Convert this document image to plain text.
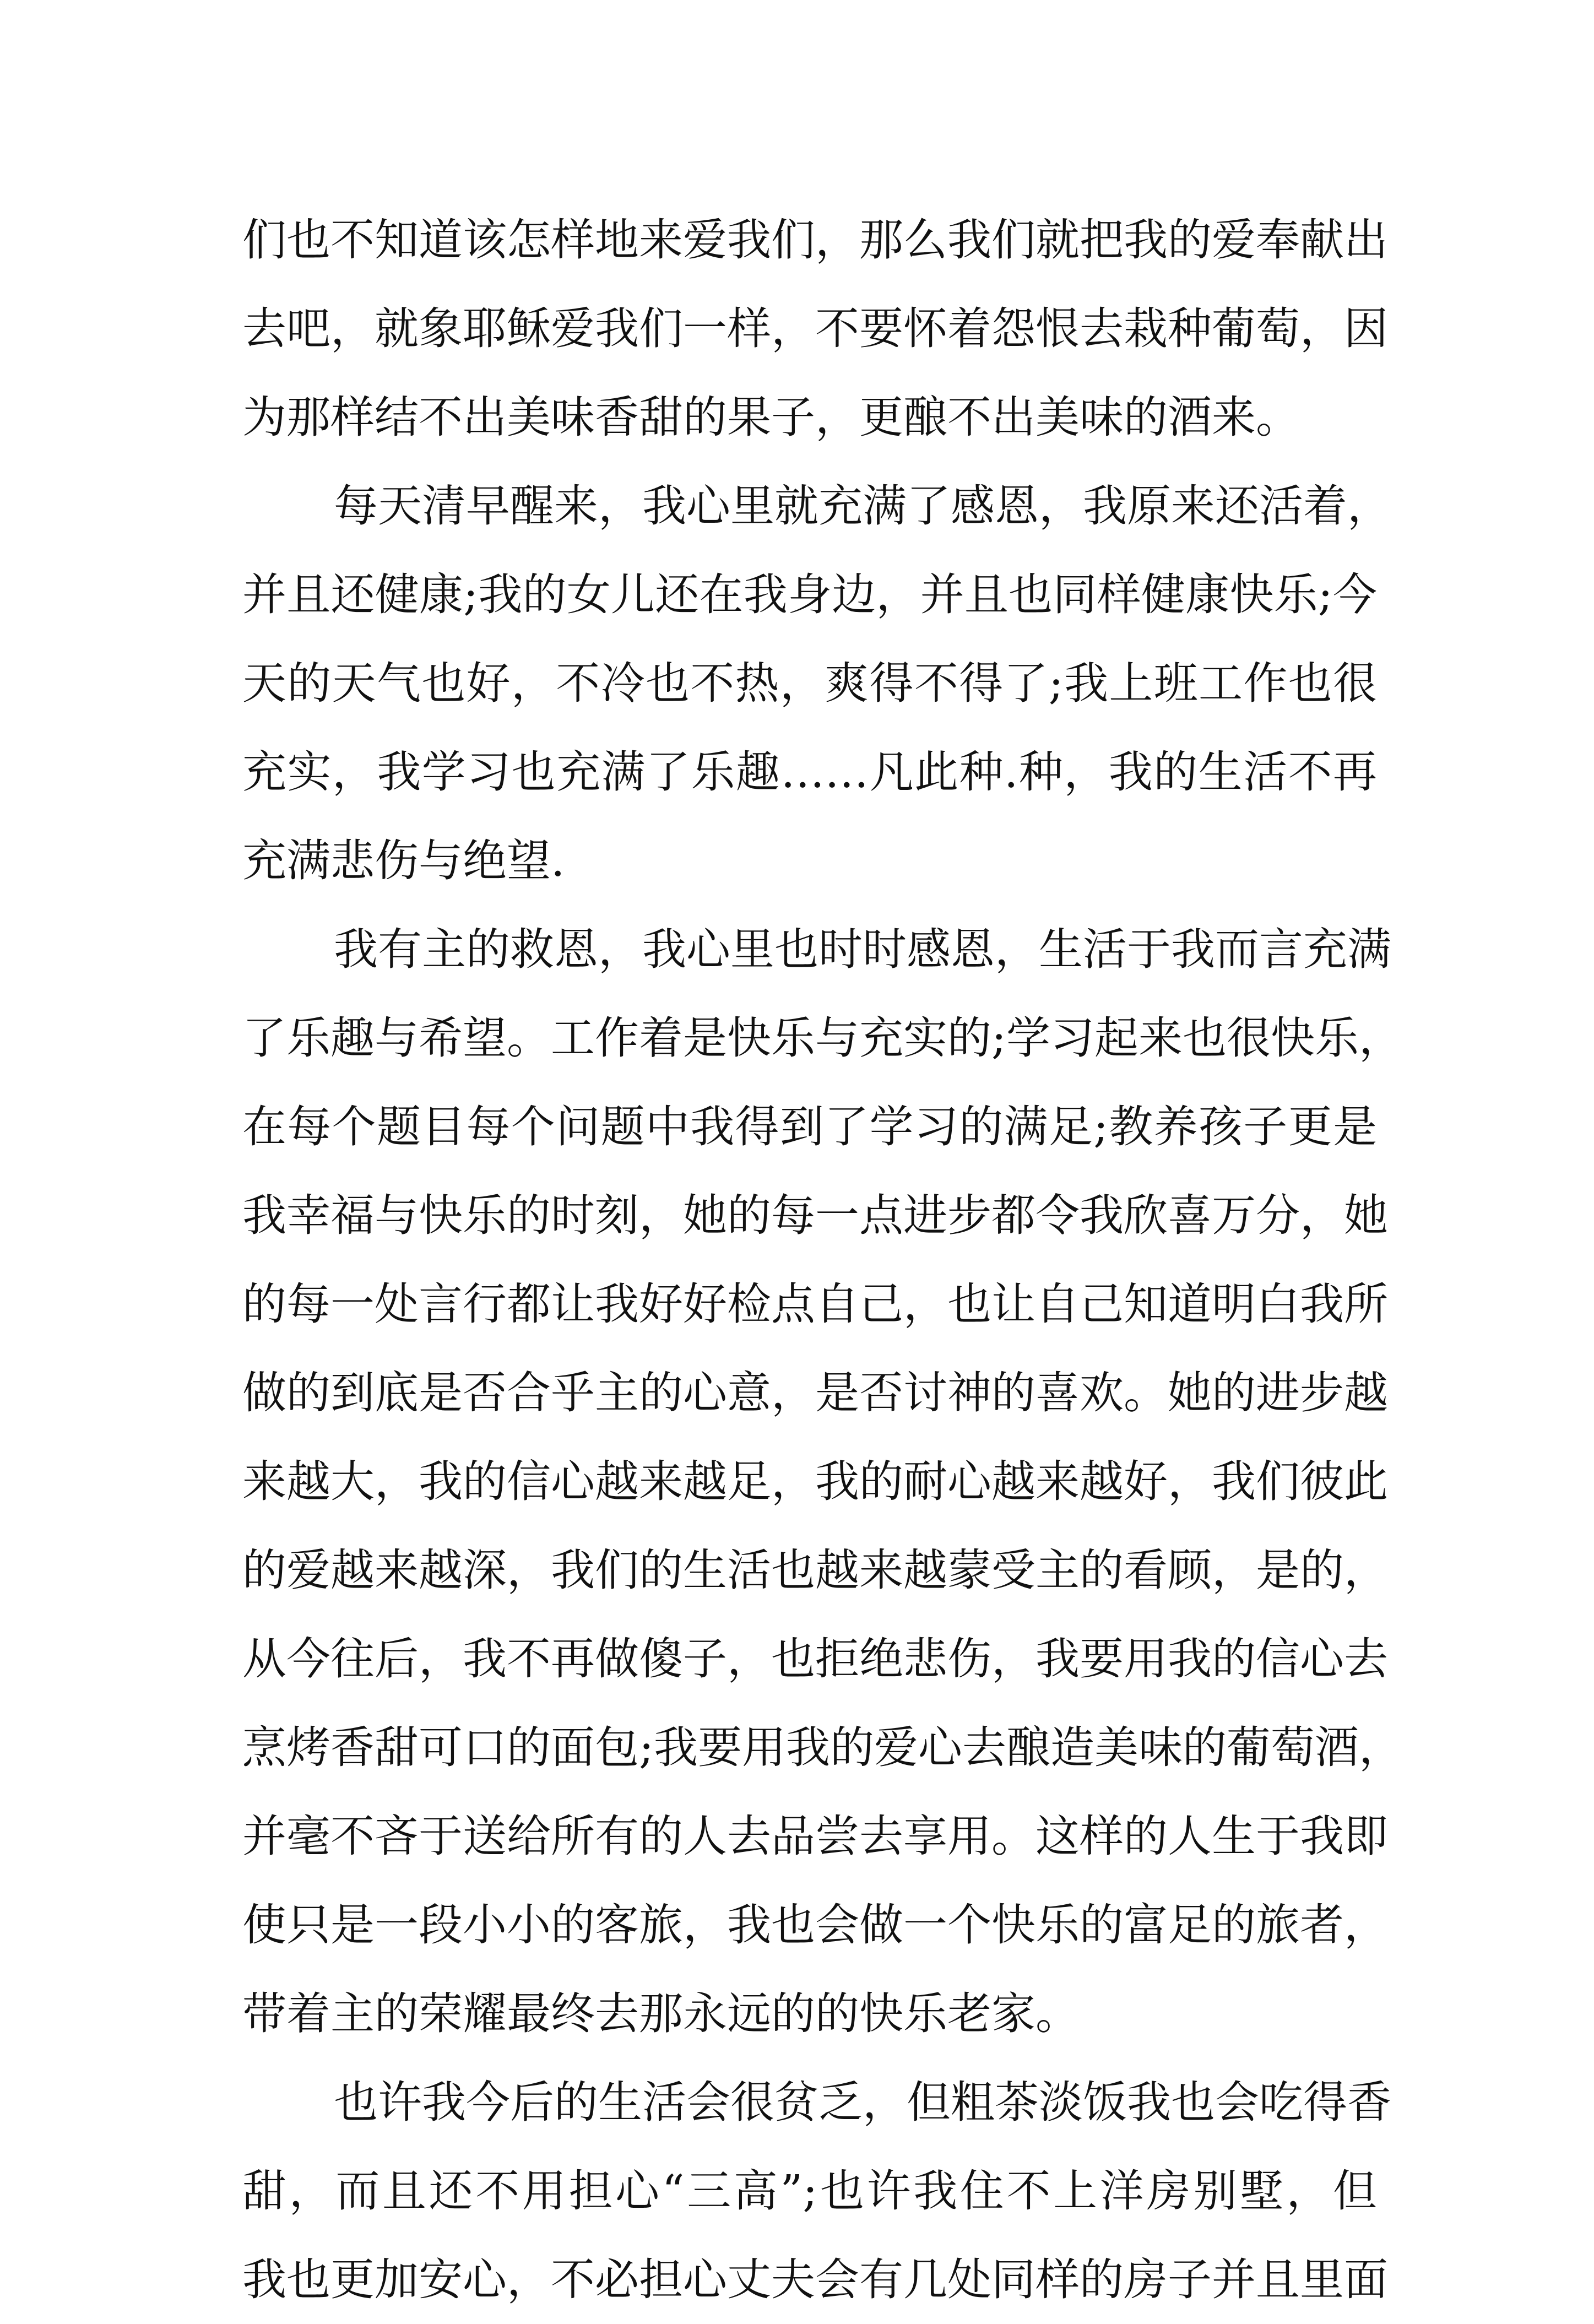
们也不知道该怎样地来爱我们，那么我们就把我的爱奉献出
去吧，就象耶稣爱我们一样，不要怀着怨恨去栽种葡萄，因
为那样结不出美味香甜的果子，更酿不出美味的酒来。

每天清早醒来，我心里就充满了感恩，我原来还活着，
并且还健康;我的女儿还在我身边，并且也同样健康快乐;今
天的天气也好，不冷也不热，爽得不得了;我上班工作也很
充实，我学习也充满了乐趣……凡此种.种，我的生活不再
充满悲伤与绝望.

我有主的救恩，我心里也时时感恩，生活于我而言充满
了乐趣与希望。工作着是快乐与充实的;学习起来也很快乐，
在每个题目每个问题中我得到了学习的满足;教养孩子更是
我幸福与快乐的时刻，她的每一点进步都令我欣喜万分，她
的每一处言行都让我好好检点自己，也让自己知道明白我所
做的到底是否合乎主的心意，是否讨神的喜欢。她的进步越
来越大，我的信心越来越足，我的耐心越来越好，我们彼此
的爱越来越深，我们的生活也越来越蒙受主的看顾，是的，
从今往后，我不再做傻子，也拒绝悲伤，我要用我的信心去
烹烤香甜可口的面包;我要用我的爱心去酿造美味的葡萄酒，
并毫不吝于送给所有的人去品尝去享用。这样的人生于我即
使只是一段小小的客旅，我也会做一个快乐的富足的旅者，
带着主的荣耀最终去那永远的的快乐老家。

也许我今后的生活会很贫乏，但粗茶淡饭我也会吃得香
甜，而且还不用担心“三高”;也许我住不上洋房别墅，但
我也更加安心，不必担心丈夫会有几处同样的房子并且里面
